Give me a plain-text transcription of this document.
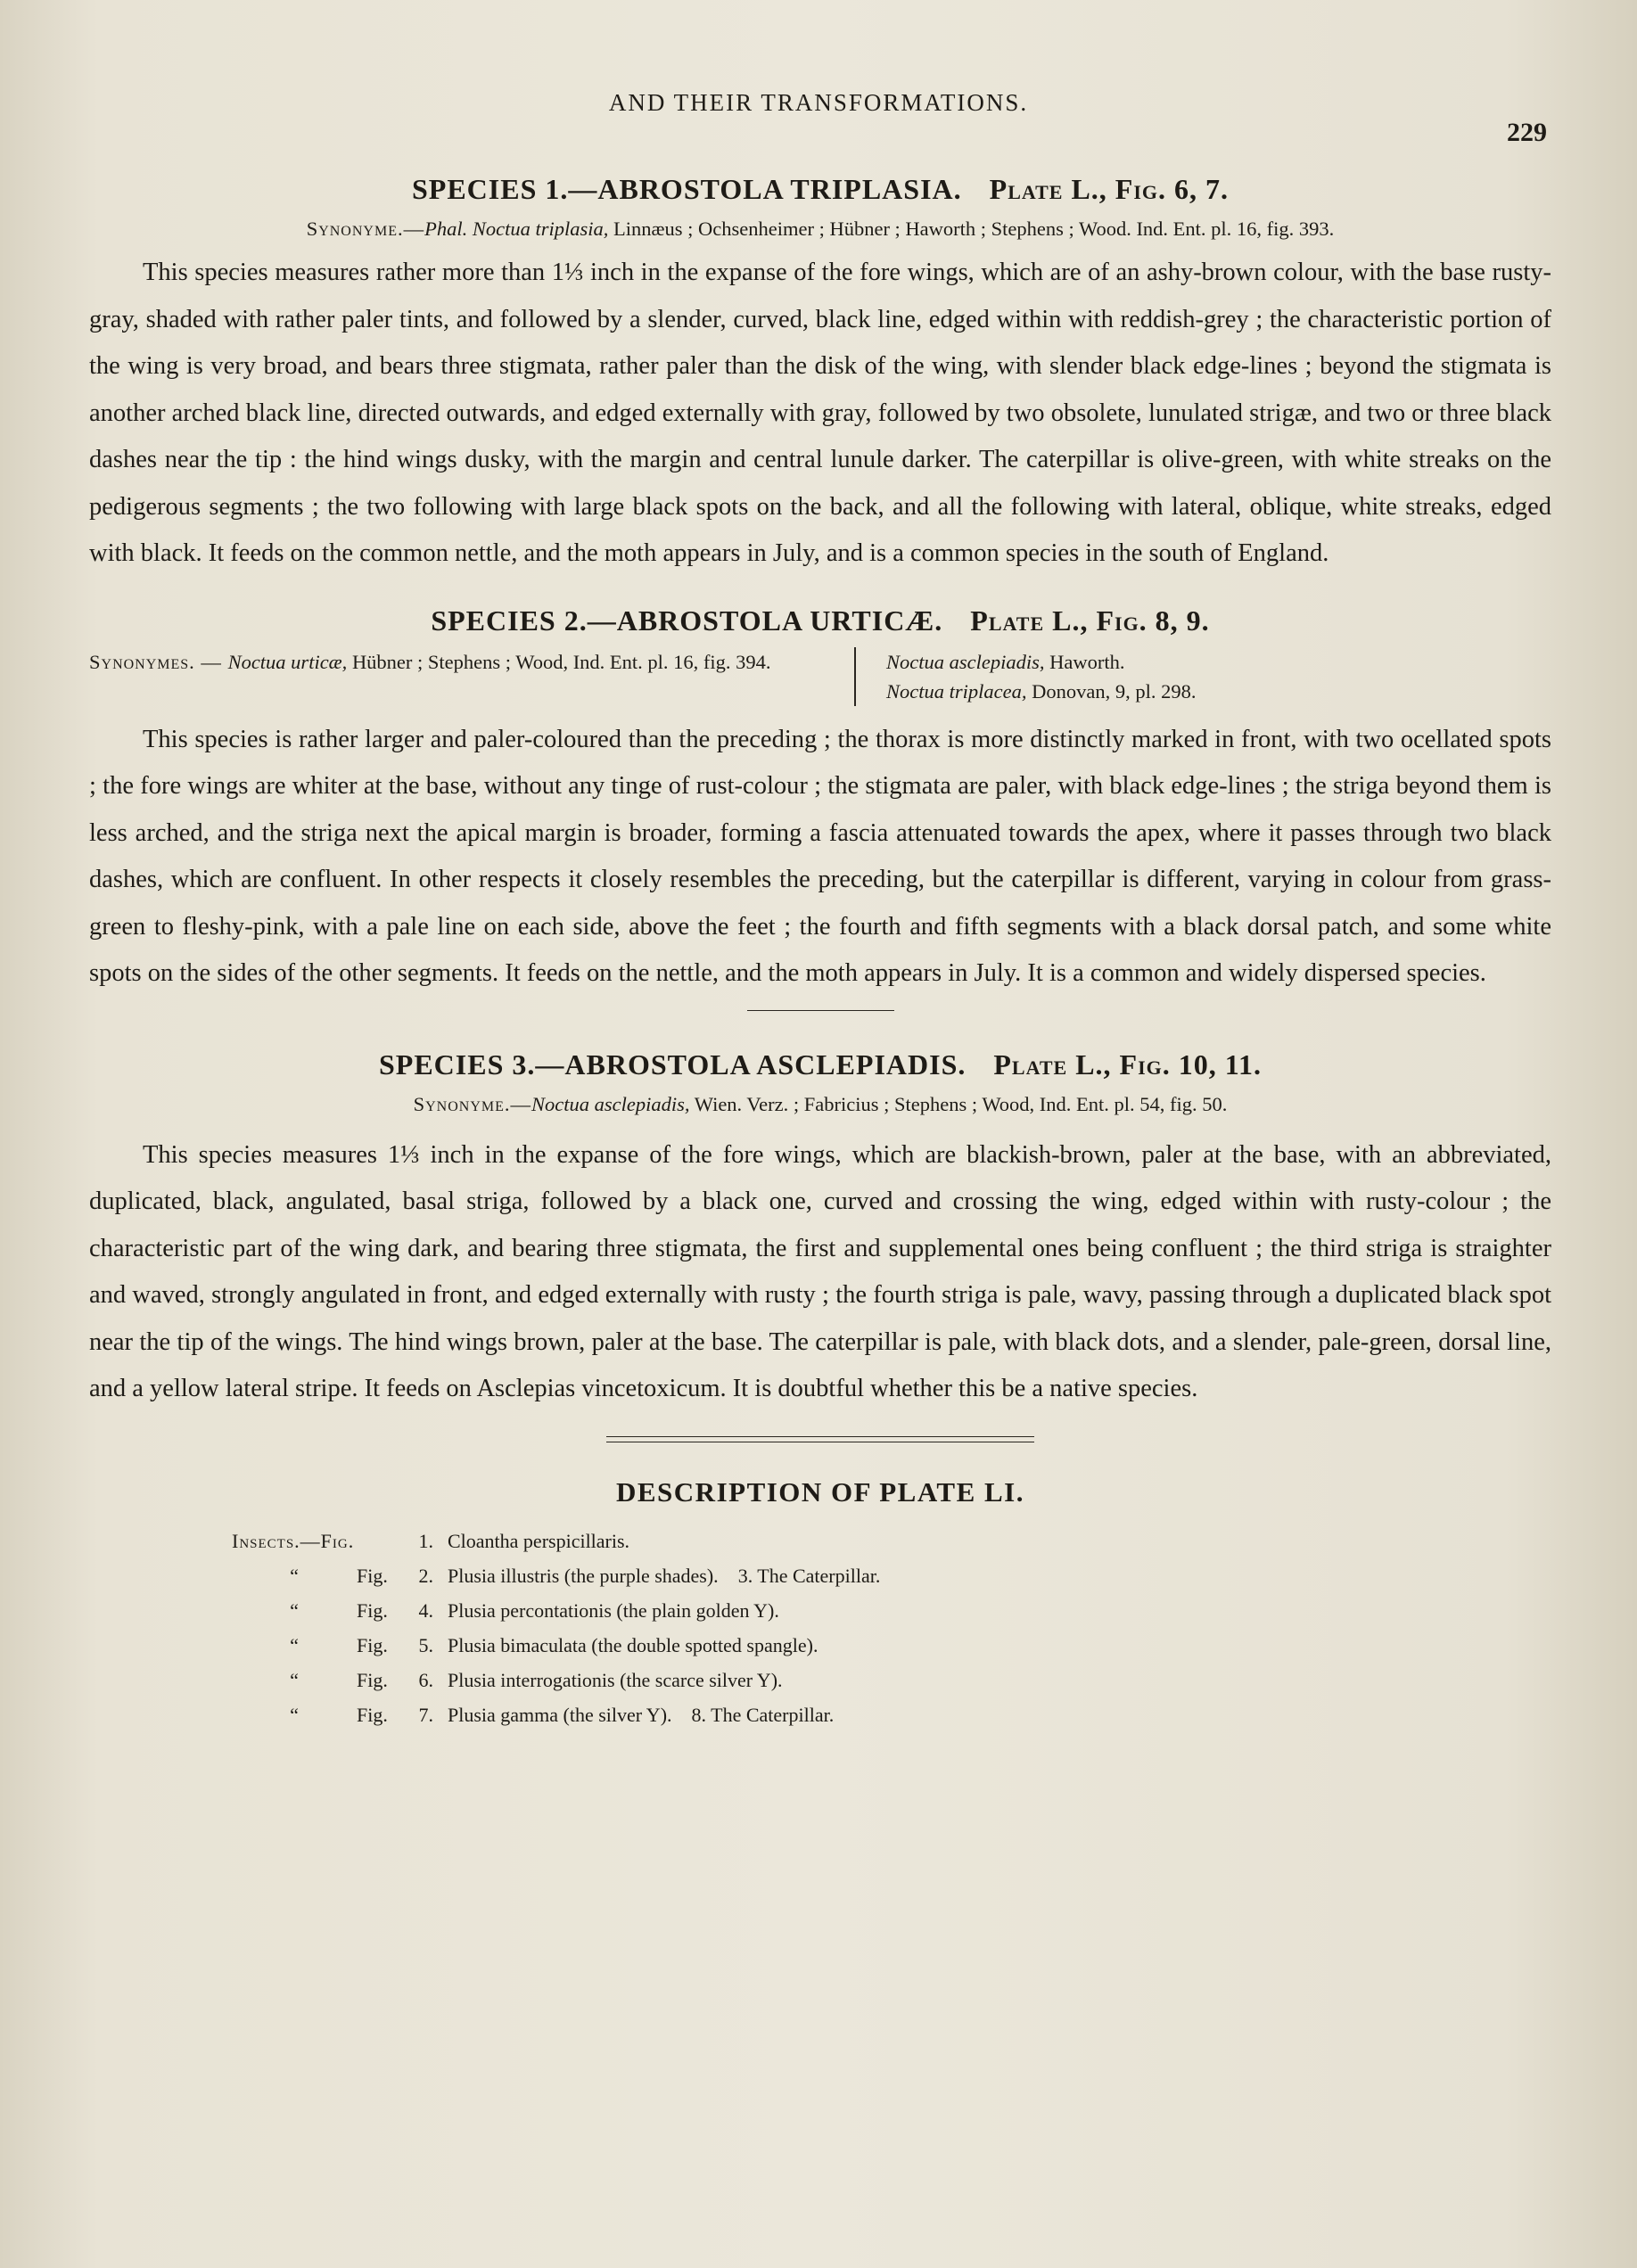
AND THEIR TRANSFORMATIONS.
229
SPECIES 1.—ABROSTOLA TRIPLASIA. Plate L., Fig. 6, 7.

Synonyme.—Phal. Noctua triplasia, Linnæus ; Ochsenheimer ; Hübner ; Haworth ; Stephens ; Wood. Ind. Ent. pl. 16, fig. 393.

This species measures rather more than 1⅓ inch in the expanse of the fore wings, which are of an ashy-brown colour, with the base rusty-gray, shaded with rather paler tints, and followed by a slender, curved, black line, edged within with reddish-grey ; the characteristic portion of the wing is very broad, and bears three stigmata, rather paler than the disk of the wing, with slender black edge-lines ; beyond the stigmata is another arched black line, directed outwards, and edged externally with gray, followed by two obsolete, lunulated strigæ, and two or three black dashes near the tip : the hind wings dusky, with the margin and central lunule darker. The caterpillar is olive-green, with white streaks on the pedigerous segments ; the two following with large black spots on the back, and all the following with lateral, oblique, white streaks, edged with black. It feeds on the common nettle, and the moth appears in July, and is a common species in the south of England.

SPECIES 2.—ABROSTOLA URTICÆ. Plate L., Fig. 8, 9.
Synonymes. — Noctua urticæ, Hübner ; Stephens ; Wood, Ind. Ent. pl. 16, fig. 394.	Noctua asclepiadis, Haworth.
Noctua triplacea, Donovan, 9, pl. 298.

This species is rather larger and paler-coloured than the preceding ; the thorax is more distinctly marked in front, with two ocellated spots ; the fore wings are whiter at the base, without any tinge of rust-colour ; the stigmata are paler, with black edge-lines ; the striga beyond them is less arched, and the striga next the apical margin is broader, forming a fascia attenuated towards the apex, where it passes through two black dashes, which are confluent. In other respects it closely resembles the preceding, but the caterpillar is different, varying in colour from grass-green to fleshy-pink, with a pale line on each side, above the feet ; the fourth and fifth segments with a black dorsal patch, and some white spots on the sides of the other segments. It feeds on the nettle, and the moth appears in July. It is a common and widely dispersed species.

SPECIES 3.—ABROSTOLA ASCLEPIADIS. Plate L., Fig. 10, 11.

Synonyme.—Noctua asclepiadis, Wien. Verz. ; Fabricius ; Stephens ; Wood, Ind. Ent. pl. 54, fig. 50.

This species measures 1⅓ inch in the expanse of the fore wings, which are blackish-brown, paler at the base, with an abbreviated, duplicated, black, angulated, basal striga, followed by a black one, curved and crossing the wing, edged within with rusty-colour ; the characteristic part of the wing dark, and bearing three stigmata, the first and supplemental ones being confluent ; the third striga is straighter and waved, strongly angulated in front, and edged externally with rusty ; the fourth striga is pale, wavy, passing through a duplicated black spot near the tip of the wings. The hind wings brown, paler at the base. The caterpillar is pale, with black dots, and a slender, pale-green, dorsal line, and a yellow lateral stripe. It feeds on Asclepias vincetoxicum. It is doubtful whether this be a native species.

DESCRIPTION OF PLATE LI.
Insects.—Fig.	1. Cloantha perspicillaris.
“	Fig.	2. Plusia illustris (the purple shades). 3. The Caterpillar.
“	Fig.	4. Plusia percontationis (the plain golden Y).
“	Fig.	5. Plusia bimaculata (the double spotted spangle).
“	Fig.	6. Plusia interrogationis (the scarce silver Y).
“	Fig.	7. Plusia gamma (the silver Y). 8. The Caterpillar.
